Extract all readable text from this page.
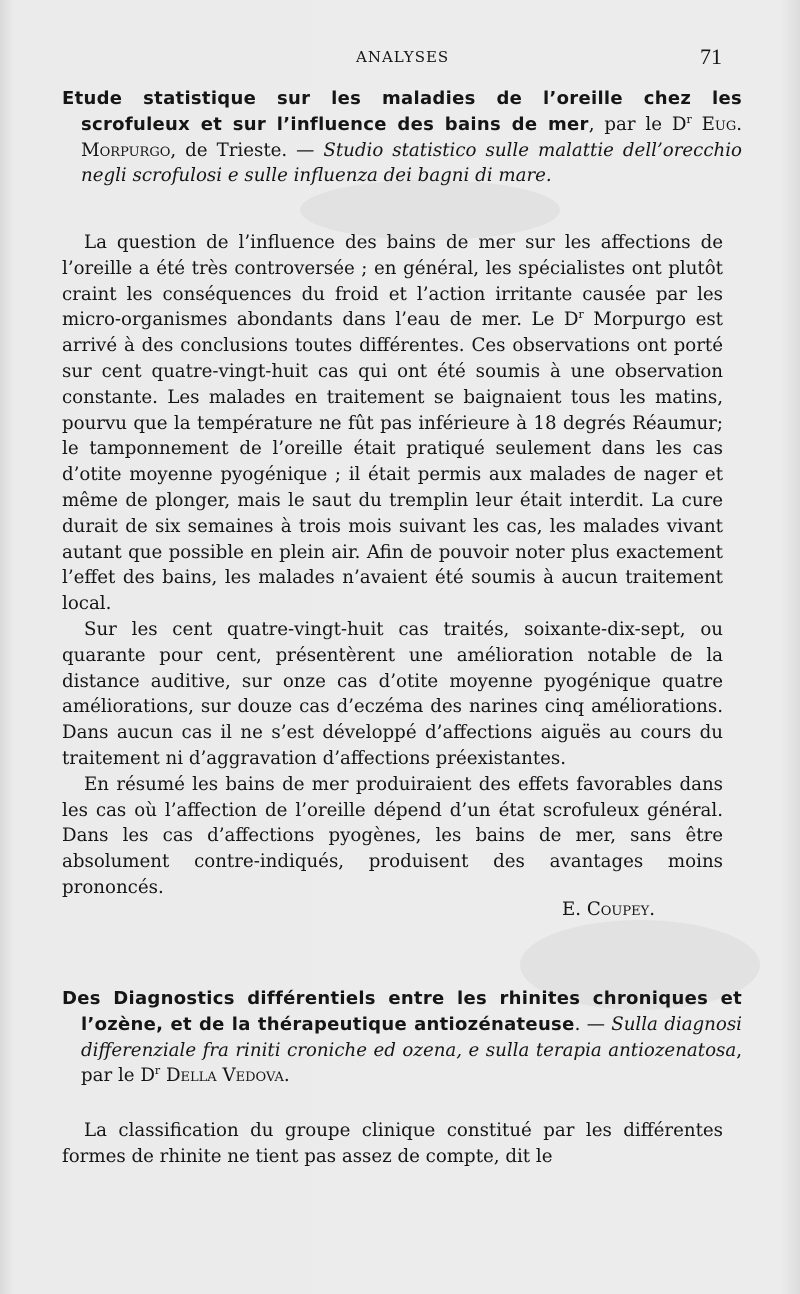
ANALYSES	71
Etude statistique sur les maladies de l’oreille chez les scrofuleux et sur l’influence des bains de mer, par le $D^r$ Eug. Morpurgo, de Trieste. — Studio statistico sulle malattie dell’orecchio negli scrofulosi e sulle influenza dei bagni di mare.

La question de l’influence des bains de mer sur les affections de l’oreille a été très controversée ; en général, les spécialistes ont plutôt craint les conséquences du froid et l’action irritante causée par les micro-organismes abondants dans l’eau de mer. Le $D^r$ Morpurgo est arrivé à des conclusions toutes différentes. Ces observations ont porté sur cent quatre-vingt-huit cas qui ont été soumis à une observation constante. Les malades en traitement se baignaient tous les matins, pourvu que la température ne fût pas inférieure à 18 degrés Réaumur; le tamponnement de l’oreille était pratiqué seulement dans les cas d’otite moyenne pyogénique ; il était permis aux malades de nager et même de plonger, mais le saut du tremplin leur était interdit. La cure durait de six semaines à trois mois suivant les cas, les malades vivant autant que possible en plein air. Afin de pouvoir noter plus exactement l’effet des bains, les malades n’avaient été soumis à aucun traitement local.

Sur les cent quatre-vingt-huit cas traités, soixante-dix-sept, ou quarante pour cent, présentèrent une amélioration notable de la distance auditive, sur onze cas d’otite moyenne pyogénique quatre améliorations, sur douze cas d’eczéma des narines cinq améliorations. Dans aucun cas il ne s’est développé d’affections aiguës au cours du traitement ni d’aggravation d’affections préexistantes.

En résumé les bains de mer produiraient des effets favorables dans les cas où l’affection de l’oreille dépend d’un état scrofuleux général. Dans les cas d’affections pyogènes, les bains de mer, sans être absolument contre-indiqués, produisent des avantages moins prononcés.

E. Coupey.
Des Diagnostics différentiels entre les rhinites chroniques et l’ozène, et de la thérapeutique antiozénateuse. — Sulla diagnosi differenziale fra riniti croniche ed ozena, e sulla terapia antiozenatosa, par le $D^r$ Della Vedova.

La classification du groupe clinique constitué par les différentes formes de rhinite ne tient pas assez de compte, dit le
